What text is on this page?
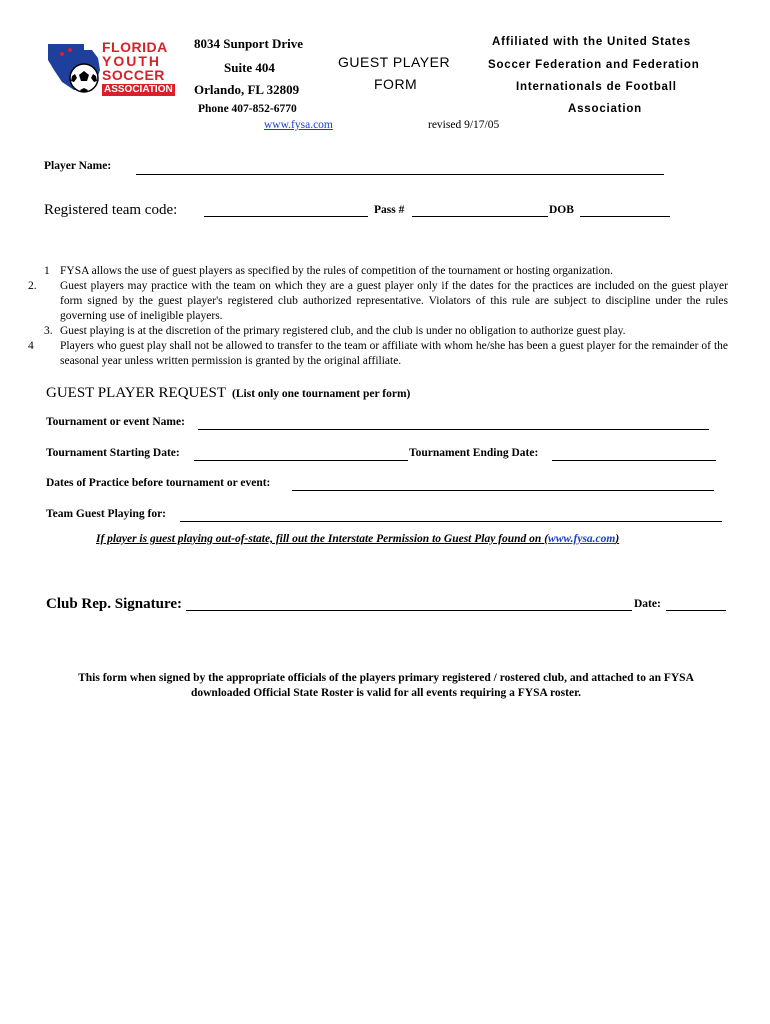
FLORIDA
YOUTH
SOCCER
ASSOCIATION
8034 Sunport Drive
Suite 404
Orlando, FL 32809
Phone 407-852-6770
www.fysa.com
GUEST PLAYER
FORM
revised 9/17/05
Affiliated with the United States
Soccer Federation and Federation
Internationals de Football
Association
Player Name:
Registered team code:	Pass #	DOB
1 FYSA allows the use of guest players as specified by the rules of competition of the tournament or hosting organization.
2. Guest players may practice with the team on which they are a guest player only if the dates for the practices are included on the guest player form signed by the guest player's registered club authorized representative. Violators of this rule are subject to discipline under the rules governing use of ineligible players.
3. Guest playing is at the discretion of the primary registered club, and the club is under no obligation to authorize guest play.
4 Players who guest play shall not be allowed to transfer to the team or affiliate with whom he/she has been a guest player for the remainder of the seasonal year unless written permission is granted by the original affiliate.
GUEST PLAYER REQUEST (List only one tournament per form)
Tournament or event Name:
Tournament Starting Date:	Tournament Ending Date:
Dates of Practice before tournament or event:
Team Guest Playing for:
If player is guest playing out-of-state, fill out the Interstate Permission to Guest Play found on (www.fysa.com)
Club Rep. Signature:	Date:
This form when signed by the appropriate officials of the players primary registered / rostered club, and attached to an FYSA
downloaded Official State Roster is valid for all events requiring a FYSA roster.
